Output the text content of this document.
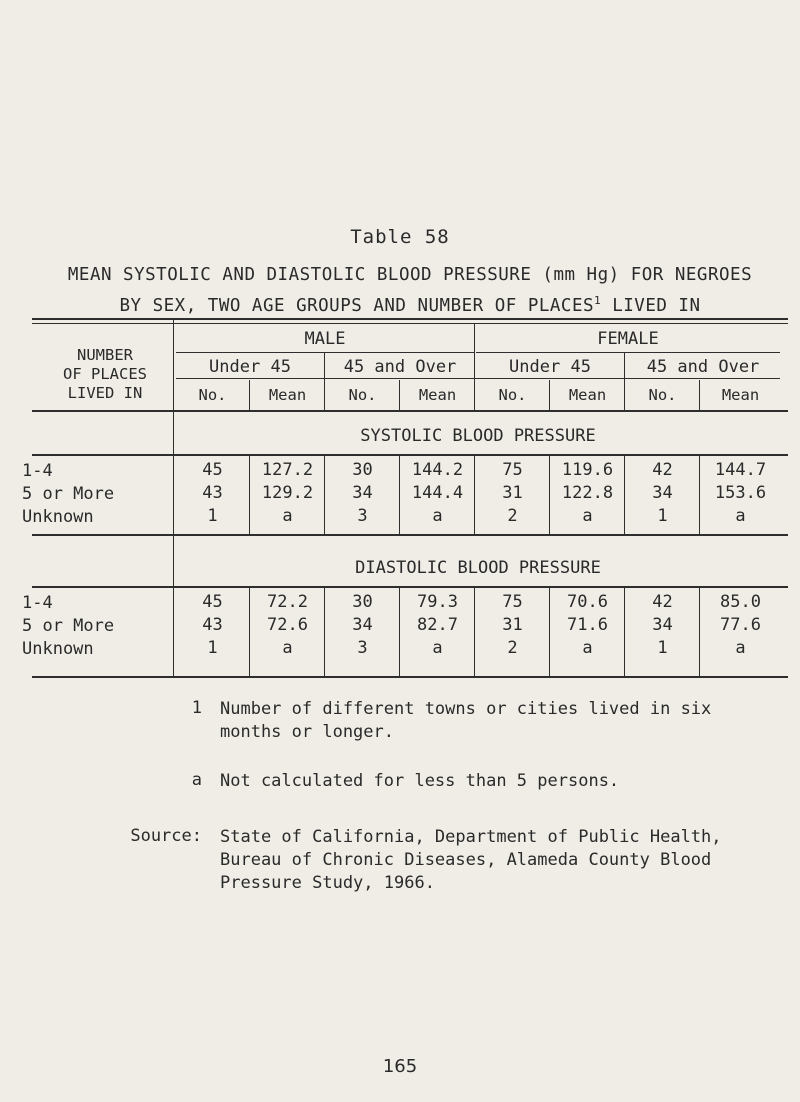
Table 58
MEAN SYSTOLIC AND DIASTOLIC BLOOD PRESSURE (mm Hg) FOR NEGROES
BY SEX, TWO AGE GROUPS AND NUMBER OF PLACES$^1$ LIVED IN
NUMBER
OF PLACES
LIVED IN
MALE	FEMALE
Under 45	45 and Over	Under 45	45 and Over
No.	Mean	No.	Mean	No.	Mean	No.	Mean
SYSTOLIC BLOOD PRESSURE
1-4	45	127.2	30	144.2	75	119.6	42	144.7
5 or More	43	129.2	34	144.4	31	122.8	34	153.6
Unknown	1	a	3	a	2	a	1	a
DIASTOLIC BLOOD PRESSURE
1-4	45	72.2	30	79.3	75	70.6	42	85.0
5 or More	43	72.6	34	82.7	31	71.6	34	77.6
Unknown	1	a	3	a	2	a	1	a
1 Number of different towns or cities lived in six months or longer.
a Not calculated for less than 5 persons.
Source: State of California, Department of Public Health, Bureau of Chronic Diseases, Alameda County Blood Pressure Study, 1966.
165
